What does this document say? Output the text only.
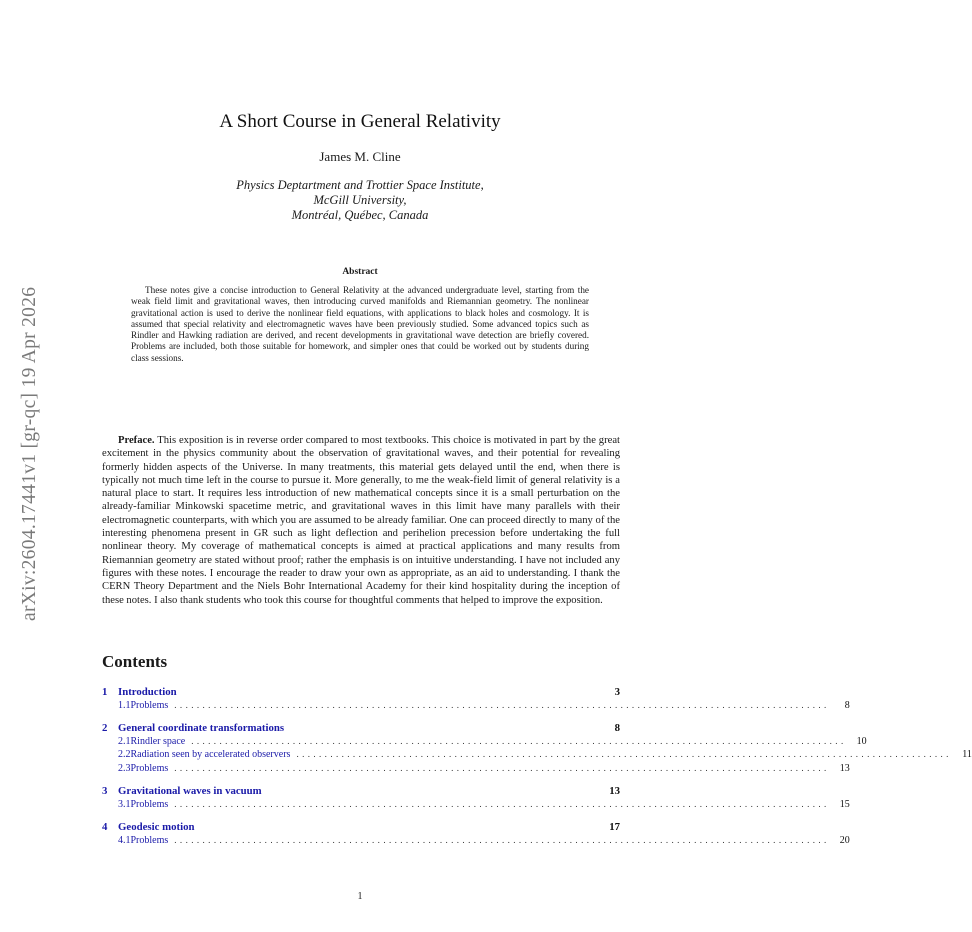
arXiv:2604.17441v1 [gr-qc] 19 Apr 2026
A Short Course in General Relativity
James M. Cline
Physics Deptartment and Trottier Space Institute,
McGill University,
Montréal, Québec, Canada
Abstract
These notes give a concise introduction to General Relativity at the advanced undergraduate level, starting from the weak field limit and gravitational waves, then introducing curved manifolds and Riemannian geometry. The nonlinear gravitational action is used to derive the nonlinear field equations, with applications to black holes and cosmology. It is assumed that special relativity and electromagnetic waves have been previously studied. Some advanced topics such as Rindler and Hawking radiation are derived, and recent developments in gravitational wave detection are briefly covered. Problems are included, both those suitable for homework, and simpler ones that could be worked out by students during class sessions.
Preface. This exposition is in reverse order compared to most textbooks. This choice is motivated in part by the great excitement in the physics community about the observation of gravitational waves, and their potential for revealing formerly hidden aspects of the Universe. In many treatments, this material gets delayed until the end, when there is typically not much time left in the course to pursue it. More generally, to me the weak-field limit of general relativity is a natural place to start. It requires less introduction of new mathematical concepts since it is a small perturbation on the already-familiar Minkowski spacetime metric, and gravitational waves in this limit have many parallels with their electromagnetic counterparts, with which you are assumed to be already familiar. One can proceed directly to many of the interesting phenomena present in GR such as light deflection and perihelion precession before undertaking the full nonlinear theory. My coverage of mathematical concepts is aimed at practical applications and many results from Riemannian geometry are stated without proof; rather the emphasis is on intuitive understanding. I have not included any figures with these notes. I encourage the reader to draw your own as appropriate, as an aid to understanding. I thank the CERN Theory Department and the Niels Bohr International Academy for their kind hospitality during the inception of these notes. I also thank students who took this course for thoughtful comments that helped to improve the exposition.
Contents
1 Introduction	3
1.1 Problems ....................................................................................................................	8
2 General coordinate transformations	8
2.1 Rindler space ....................................................................................................................	10
2.2 Radiation seen by accelerated observers ....................................................................................................................	11
2.3 Problems ....................................................................................................................	13
3 Gravitational waves in vacuum	13
3.1 Problems ....................................................................................................................	15
4 Geodesic motion	17
4.1 Problems ....................................................................................................................	20
1
